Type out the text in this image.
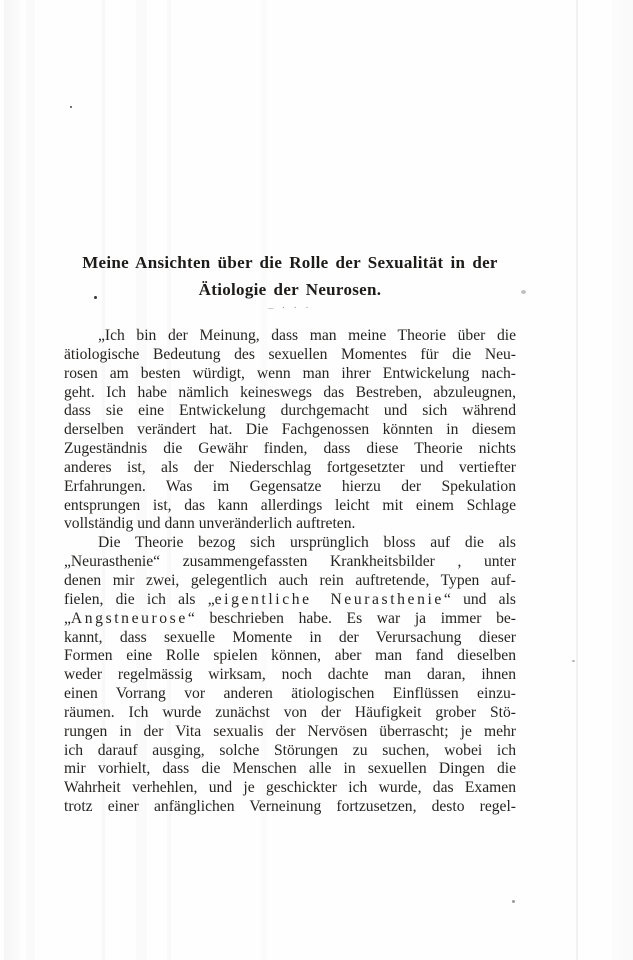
Meine Ansichten über die Rolle der Sexualität in der
Ätiologie der Neurosen.
– · · ·
„Ich bin der Meinung, dass man meine Theorie über die
ätiologische Bedeutung des sexuellen Momentes für die Neu-
rosen am besten würdigt, wenn man ihrer Entwickelung nach-
geht. Ich habe nämlich keineswegs das Bestreben, abzuleugnen,
dass sie eine Entwickelung durchgemacht und sich während
derselben verändert hat. Die Fachgenossen könnten in diesem
Zugeständnis die Gewähr finden, dass diese Theorie nichts
anderes ist, als der Niederschlag fortgesetzter und vertiefter
Erfahrungen. Was im Gegensatze hierzu der Spekulation
entsprungen ist, das kann allerdings leicht mit einem Schlage
vollständig und dann unveränderlich auftreten.
Die Theorie bezog sich ursprünglich bloss auf die als
„Neurasthenie“ zusammengefassten Krankheitsbilder , unter
denen mir zwei, gelegentlich auch rein auftretende, Typen auf-
fielen, die ich als „eigentliche Neurasthenie“ und als
„Angstneurose“ beschrieben habe. Es war ja immer be-
kannt, dass sexuelle Momente in der Verursachung dieser
Formen eine Rolle spielen können, aber man fand dieselben
weder regelmässig wirksam, noch dachte man daran, ihnen
einen Vorrang vor anderen ätiologischen Einflüssen einzu-
räumen. Ich wurde zunächst von der Häufigkeit grober Stö-
rungen in der Vita sexualis der Nervösen überrascht; je mehr
ich darauf ausging, solche Störungen zu suchen, wobei ich
mir vorhielt, dass die Menschen alle in sexuellen Dingen die
Wahrheit verhehlen, und je geschickter ich wurde, das Examen
trotz einer anfänglichen Verneinung fortzusetzen, desto regel-
